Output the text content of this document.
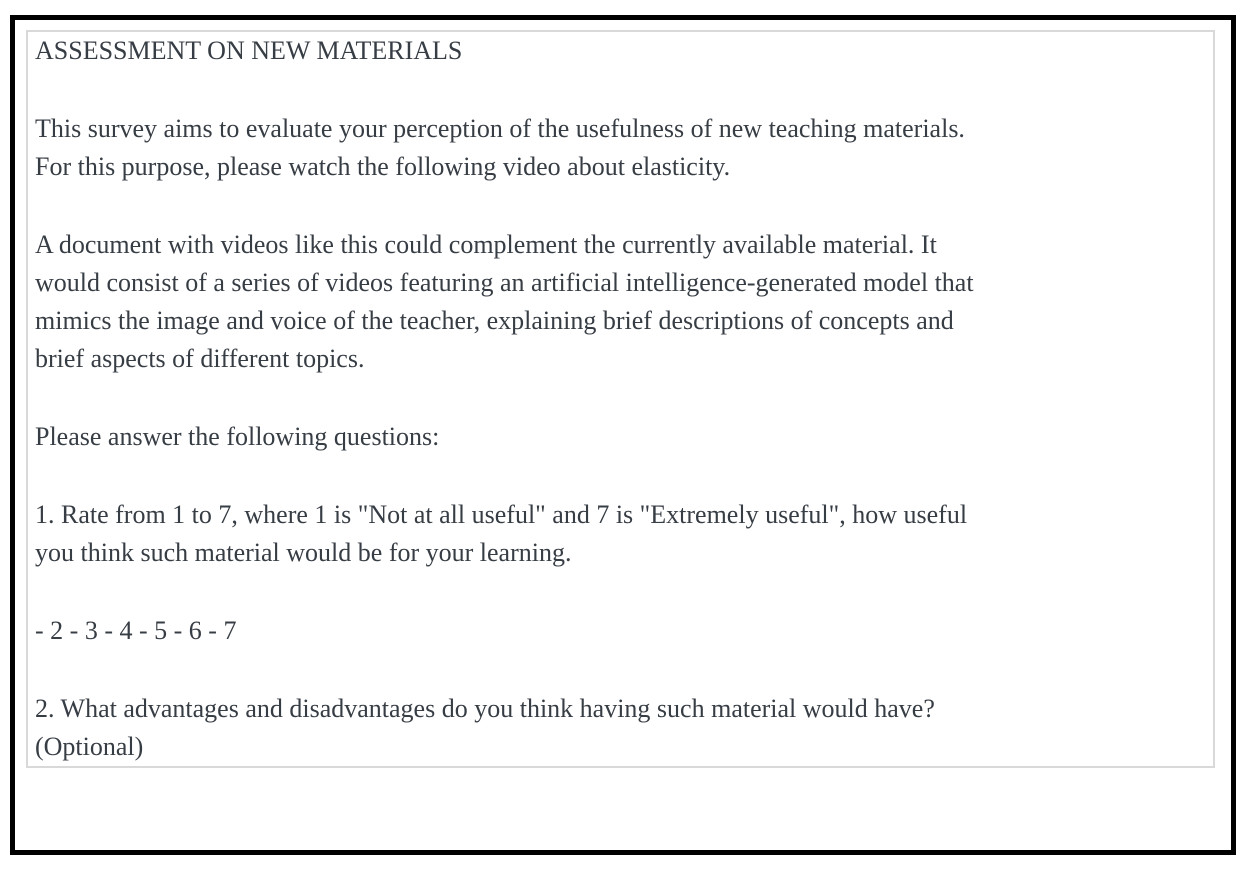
ASSESSMENT ON NEW MATERIALS

This survey aims to evaluate your perception of the usefulness of new teaching materials.
For this purpose, please watch the following video about elasticity.

A document with videos like this could complement the currently available material. It
would consist of a series of videos featuring an artificial intelligence-generated model that
mimics the image and voice of the teacher, explaining brief descriptions of concepts and
brief aspects of different topics.

Please answer the following questions:

1. Rate from 1 to 7, where 1 is "Not at all useful" and 7 is "Extremely useful", how useful
you think such material would be for your learning.

- 2 - 3 - 4 - 5 - 6 - 7

2. What advantages and disadvantages do you think having such material would have?
(Optional)
